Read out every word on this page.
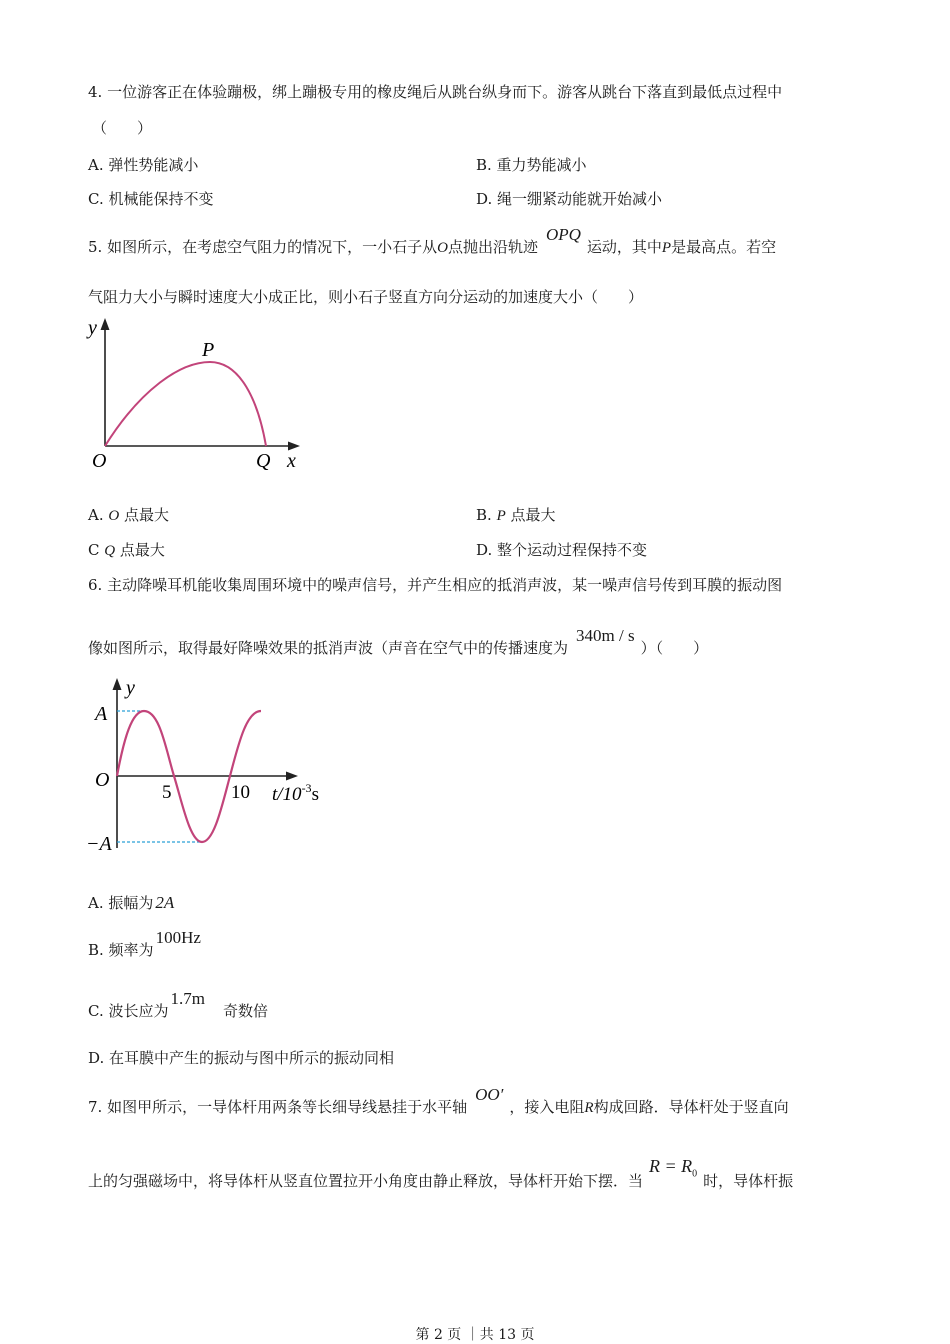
4. 一位游客正在体验蹦极，绑上蹦极专用的橡皮绳后从跳台纵身而下。游客从跳台下落直到最低点过程中
（　　）
A. 弹性势能减小	B. 重力势能减小
C. 机械能保持不变	D. 绳一绷紧动能就开始减小
5. 如图所示，在考虑空气阻力的情况下，一小石子从O点抛出沿轨迹OPQ运动，其中P是最高点。若空
气阻力大小与瞬时速度大小成正比，则小石子竖直方向分运动的加速度大小（　　）
y
P
O	Q x
A. O 点最大	B. P 点最大
C Q 点最大	D. 整个运动过程保持不变
6. 主动降噪耳机能收集周围环境中的噪声信号，并产生相应的抵消声波，某一噪声信号传到耳膜的振动图
像如图所示，取得最好降噪效果的抵消声波（声音在空气中的传播速度为340m / s）（　　）
y
A
O
−A
5	10 $t/10^{-3}s$
A. 振幅为 2A
B. 频率为100Hz
C. 波长应为1.7m奇数倍
D. 在耳膜中产生的振动与图中所示的振动同相
7. 如图甲所示，一导体杆用两条等长细导线悬挂于水平轴OO′，接入电阻R构成回路．导体杆处于竖直向
上的匀强磁场中，将导体杆从竖直位置拉开小角度由静止释放，导体杆开始下摆．当$R = R_0$ 时，导体杆振
第 2 页 ｜共 13 页
